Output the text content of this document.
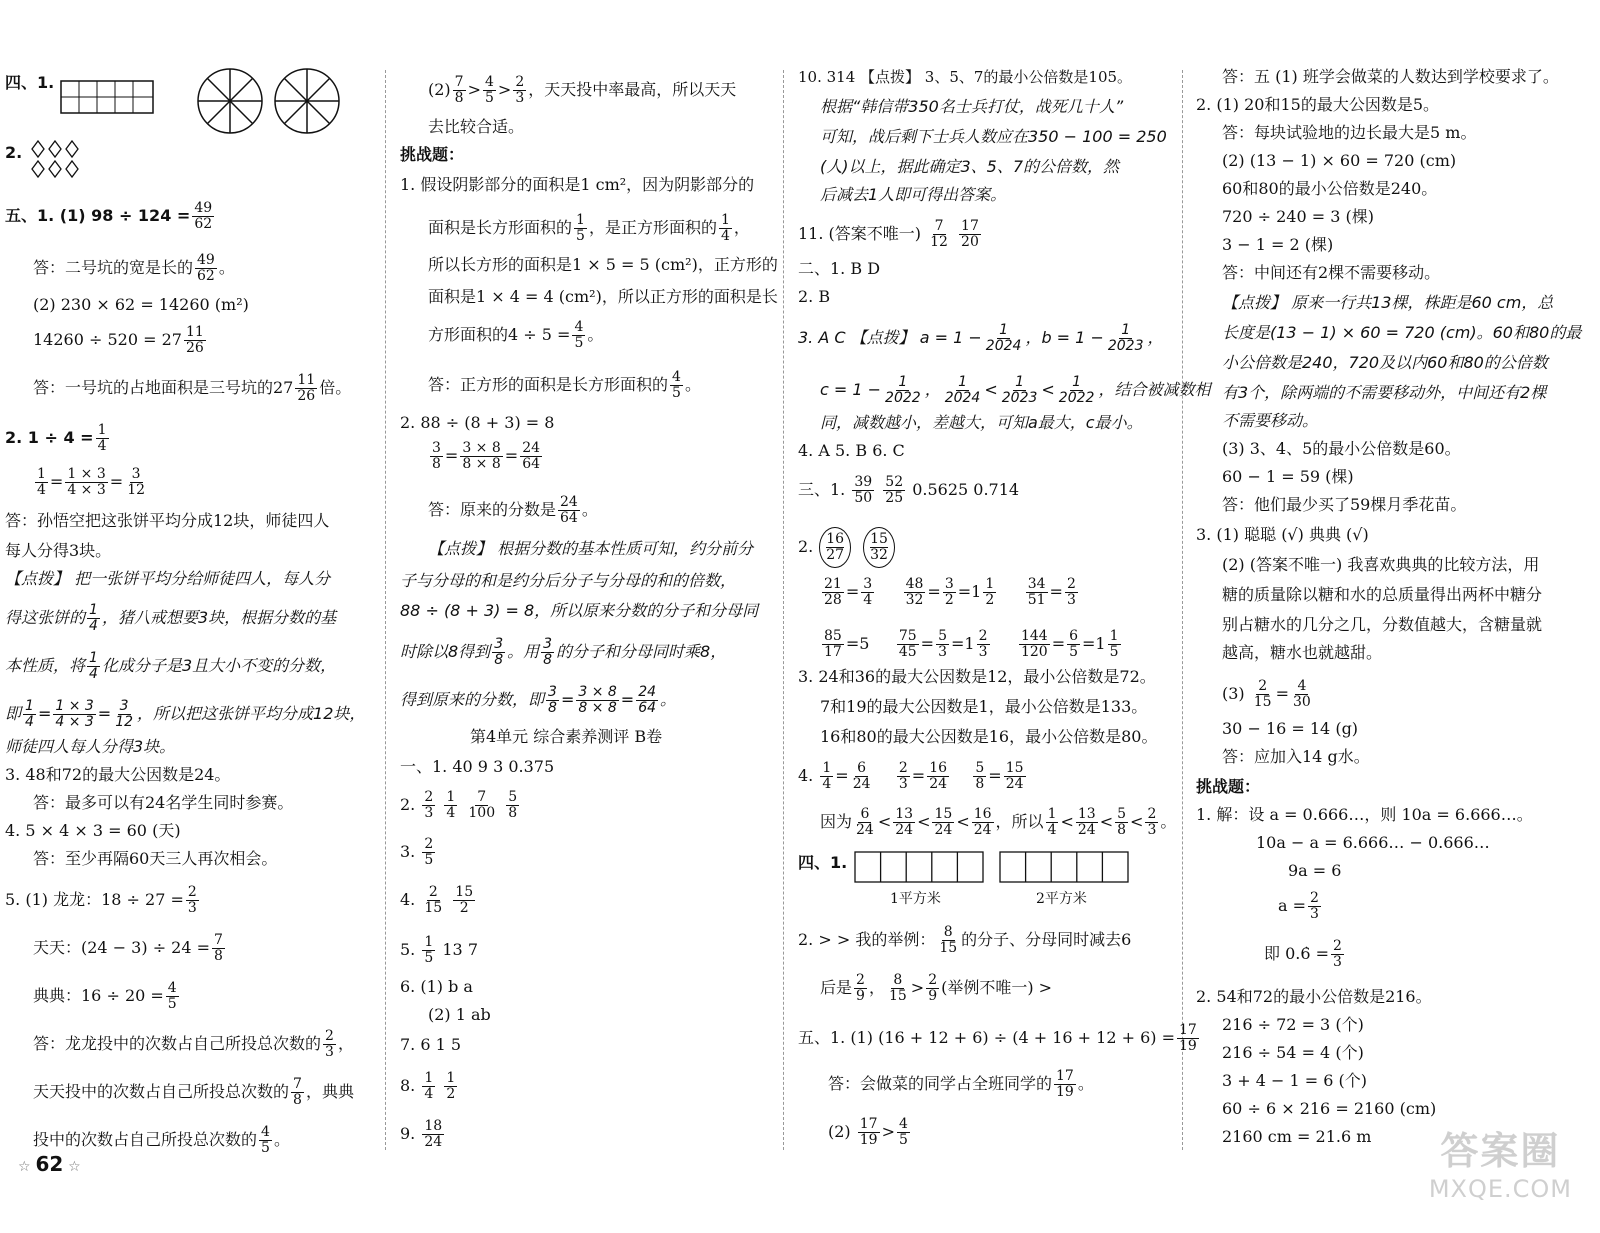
四、1.
2.
五、1. (1) $98 \div 124 = \frac{49}{62}$
答：二号坑的宽是长的 $\frac{49}{62}$ 。
(2) 230 × 62 = 14260 (m²)
$14260 \div 520 = 27 \frac{11}{26}$
答：一号坑的占地面积是三号坑的$27 \frac{11}{26}$ 倍。
2. $1 \div 4 = \frac{1}{4}$
$\frac{1}{4} = \frac{1 \times 3}{4 \times 3} = \frac{3}{12}$
答：孙悟空把这张饼平均分成12块，师徒四人
每人分得3块。
【点拨】 把一张饼平均分给师徒四人，每人分
得这张饼的 $\frac{1}{4}$ ，猪八戒想要3块，根据分数的基
本性质，将 $\frac{1}{4}$ 化成分子是3且大小不变的分数，
即 $\frac{1}{4} = \frac{1 \times 3}{4 \times 3} = \frac{3}{12}$ ，所以把这张饼平均分成12块，
师徒四人每人分得3块。
3. 48和72的最大公因数是24。
答：最多可以有24名学生同时参赛。
4. 5 × 4 × 3 = 60 (天)
答：至少再隔60天三人再次相会。
5. (1) 龙龙：$18 \div 27 = \frac{2}{3}$
天天：$(24 - 3) \div 24 = \frac{7}{8}$
典典：$16 \div 20 = \frac{4}{5}$
答：龙龙投中的次数占自己所投总次数的 $\frac{2}{3}$ ，
天天投中的次数占自己所投总次数的 $\frac{7}{8}$ ，典典
投中的次数占自己所投总次数的 $\frac{4}{5}$ 。
$(2) \frac{7}{8} > \frac{4}{5} > \frac{2}{3}$ ，天天投中率最高，所以天天
去比较合适。
挑战题：
1. 假设阴影部分的面积是1 cm²，因为阴影部分的
面积是长方形面积的 $\frac{1}{5}$ ，是正方形面积的 $\frac{1}{4}$ ，
所以长方形的面积是1 × 5 = 5 (cm²)，正方形的
面积是1 × 4 = 4 (cm²)，所以正方形的面积是长
方形面积的$4 \div 5 = \frac{4}{5}$ 。
答：正方形的面积是长方形面积的 $\frac{4}{5}$ 。
2. 88 ÷ (8 + 3) = 8
$\frac{3}{8} = \frac{3 \times 8}{8 \times 8} = \frac{24}{64}$
答：原来的分数是 $\frac{24}{64}$ 。
【点拨】 根据分数的基本性质可知，约分前分
子与分母的和是约分后分子与分母的和的倍数，
88 ÷ (8 + 3) = 8，所以原来分数的分子和分母同
时除以8得到 $\frac{3}{8}$ 。用 $\frac{3}{8}$ 的分子和分母同时乘8，
得到原来的分数，即 $\frac{3}{8} = \frac{3 \times 8}{8 \times 8} = \frac{24}{64}$ 。
第4单元 综合素养测评 B卷
一、1. 40 9 3 0.375
2. $\frac{2}{3}$
$\frac{1}{4}$
$\frac{7}{100}$
$\frac{5}{8}$
3. $\frac{2}{5}$
4. $\frac{2}{15}$
$\frac{15}{2}$
5. $\frac{1}{5} 13$ 7
6. (1) b a
(2) 1 ab
7. 6 1 5
8. $\frac{1}{4}$
$\frac{1}{2}$
9. $\frac{18}{24}$
10. 314 【点拨】 3、5、7的最小公倍数是105。
根据“韩信带350名士兵打仗，战死几十人”
可知，战后剩下士兵人数应在350 − 100 = 250
(人)以上，据此确定3、5、7的公倍数，然
后减去1人即可得出答案。
11. (答案不唯一) $\frac{7}{12}$
$\frac{17}{20}$
二、1. B D
2. B
3. A C 【点拨】 $a = 1 - \frac{1}{2024}$ ，$b = 1 - \frac{1}{2023}$ ，
$c = 1 - \frac{1}{2022}$ ， $\frac{1}{2024} < \frac{1}{2023} < \frac{1}{2022}$ ，结合被减数相
同，减数越小，差越大，可知a最大，c最小。
4. A 5. B 6. C
三、1. $\frac{39}{50}$
$\frac{52}{25} 0.5625$ 0.714
2. $\frac{16}{27} \frac{15}{32}$
$\frac{21}{28} = \frac{3}{4}$
$\frac{48}{32} = \frac{3}{2} =1 \frac{1}{2}$
$\frac{34}{51} = \frac{2}{3}$
$\frac{85}{17} =5 \frac{75}{45} = \frac{5}{3} =1 \frac{2}{3}$
$\frac{144}{120} = \frac{6}{5} =1 \frac{1}{5}$
3. 24和36的最大公因数是12，最小公倍数是72。
7和19的最大公因数是1，最小公倍数是133。
16和80的最大公因数是16，最小公倍数是80。
4. $\frac{1}{4} = \frac{6}{24}$
$\frac{2}{3} = \frac{16}{24}$
$\frac{5}{8} = \frac{15}{24}$
因为 $\frac{6}{24} < \frac{13}{24} < \frac{15}{24} < \frac{16}{24}$ ，所以 $\frac{1}{4} < \frac{13}{24} < \frac{5}{8} < \frac{2}{3}$ 。
四、1.
1平方米	2平方米
2. > > 我的举例： $\frac{8}{15}$ 的分子、分母同时减去6
后是 $\frac{2}{9}$ ， $\frac{8}{15} > \frac{2}{9}$ (举例不唯一) >
五、1. (1) $(16 + 12 + 6) \div (4 + 16 + 12 + 6) = \frac{17}{19}$
答：会做菜的同学占全班同学的 $\frac{17}{19}$ 。
$(2) \frac{17}{19} > \frac{4}{5}$
答：五 (1) 班学会做菜的人数达到学校要求了。
2. (1) 20和15的最大公因数是5。
答：每块试验地的边长最大是5 m。
(2) (13 − 1) × 60 = 720 (cm)
60和80的最小公倍数是240。
720 ÷ 240 = 3 (棵)
3 − 1 = 2 (棵)
答：中间还有2棵不需要移动。
【点拨】 原来一行共13棵，株距是60 cm，总
长度是(13 − 1) × 60 = 720 (cm)。60和80的最
小公倍数是240，720及以内60和80的公倍数
有3个，除两端的不需要移动外，中间还有2棵
不需要移动。
(3) 3、4、5的最小公倍数是60。
60 − 1 = 59 (棵)
答：他们最少买了59棵月季花苗。
3. (1) 聪聪 (√) 典典 (√)
(2) (答案不唯一) 我喜欢典典的比较方法，用
糖的质量除以糖和水的总质量得出两杯中糖分
别占糖水的几分之几，分数值越大，含糖量就
越高，糖水也就越甜。
$(3) \frac{2}{15} = \frac{4}{30}$
30 − 16 = 14 (g)
答：应加入14 g水。
挑战题：
1. 解：设 a = 0.666…，则 10a = 6.666…。
10a − a = 6.666… − 0.666…
9a = 6
$a = \frac{2}{3}$
即 0.6̇ = $\frac{2}{3}$
2. 54和72的最小公倍数是216。
216 ÷ 72 = 3 (个)
216 ÷ 54 = 4 (个)
3 + 4 − 1 = 6 (个)
60 ÷ 6 × 216 = 2160 (cm)
2160 cm = 21.6 m
☆ 62 ☆	答案圈
MXQE.COM
